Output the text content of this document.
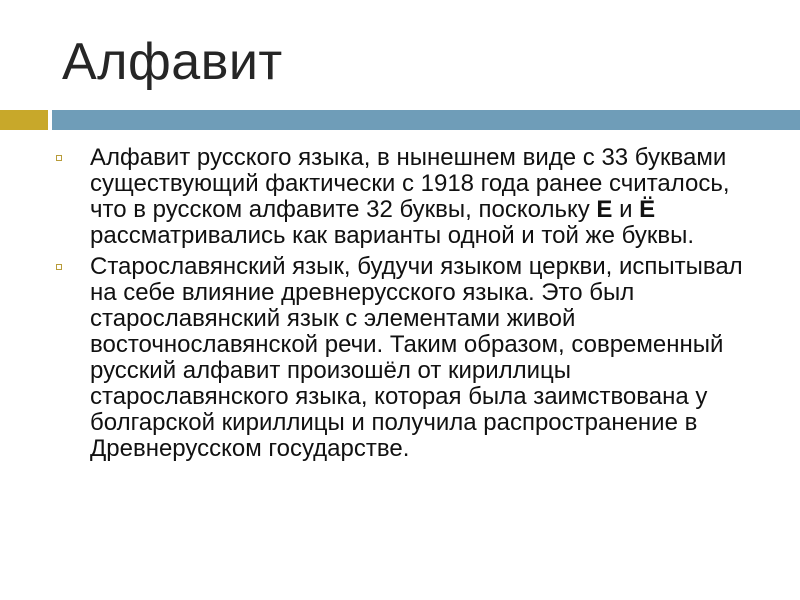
Алфавит
Алфавит русского языка, в нынешнем виде с 33 буквами существующий фактически с 1918 года ранее считалось, что в русском алфавите 32 буквы, поскольку Е и Ё рассматривались как варианты одной и той же буквы.
Старославянский язык, будучи языком церкви, испытывал на себе влияние древнерусского языка. Это был старославянский язык с элементами живой восточнославянской речи. Таким образом, современный русский алфавит произошёл от кириллицы старославянского языка, которая была заимствована у болгарской кириллицы и получила распространение в Древнерусском государстве.
